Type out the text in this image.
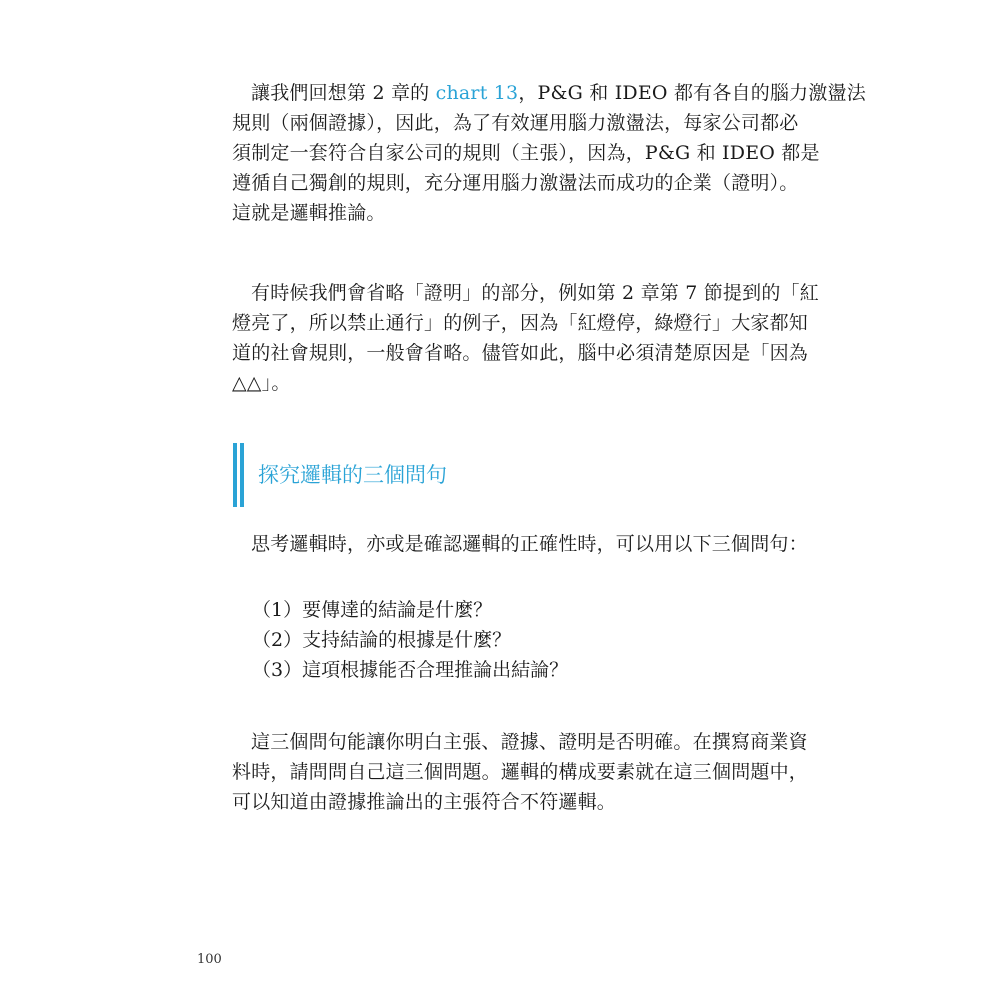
讓我們回想第 2 章的 chart 13，P&G 和 IDEO 都有各自的腦力激盪法
規則（兩個證據），因此，為了有效運用腦力激盪法，每家公司都必
須制定一套符合自家公司的規則（主張），因為，P&G 和 IDEO 都是
遵循自己獨創的規則，充分運用腦力激盪法而成功的企業（證明）。
這就是邏輯推論。
有時候我們會省略「證明」的部分，例如第 2 章第 7 節提到的「紅
燈亮了，所以禁止通行」的例子，因為「紅燈停，綠燈行」大家都知
道的社會規則，一般會省略。儘管如此，腦中必須清楚原因是「因為
△△」。
探究邏輯的三個問句
思考邏輯時，亦或是確認邏輯的正確性時，可以用以下三個問句：
（1）要傳達的結論是什麼？
（2）支持結論的根據是什麼？
（3）這項根據能否合理推論出結論？
這三個問句能讓你明白主張、證據、證明是否明確。在撰寫商業資
料時，請問問自己這三個問題。邏輯的構成要素就在這三個問題中，
可以知道由證據推論出的主張符合不符邏輯。
100
